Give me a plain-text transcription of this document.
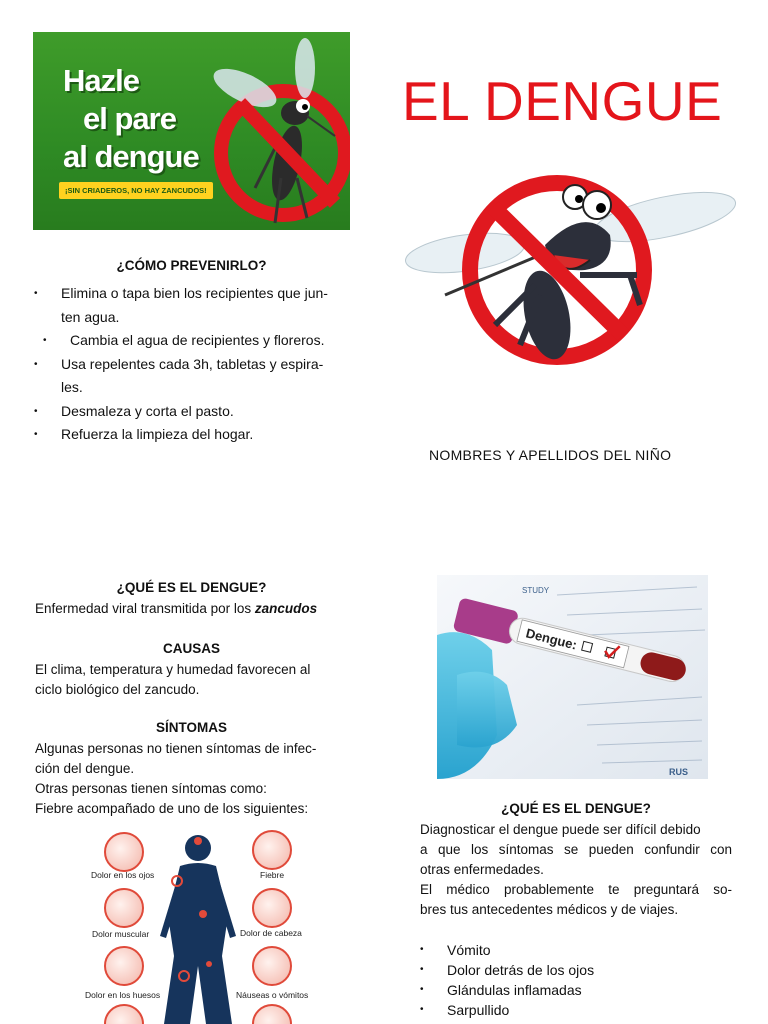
Hazle
el pare
al dengue
¡SIN CRIADEROS, NO HAY ZANCUDOS!
EL DENGUE
¿CÓMO PREVENIRLO?
• Elimina o tapa bien los recipientes que jun-
ten agua.
• Cambia el agua de recipientes y floreros.
• Usa repelentes cada 3h, tabletas y espira-
les.
• Desmaleza y corta el pasto.
• Refuerza la limpieza del hogar.
NOMBRES Y APELLIDOS DEL NIÑO
¿QUÉ ES EL DENGUE?
Enfermedad viral transmitida por los zancudos
CAUSAS
El clima, temperatura y humedad favorecen al
ciclo biológico del zancudo.
SÍNTOMAS
Algunas personas no tienen síntomas de infec-
ción del dengue.
Otras personas tienen síntomas como:
Fiebre acompañado de uno de los siguientes:
Dolor en los ojos	Fiebre
Dolor muscular	Dolor de cabeza
Dolor en los huesos	Náuseas o vómitos
STUDY
RUS
Dengue:
¿QUÉ ES EL DENGUE?
Diagnosticar el dengue puede ser difícil debido
a que los síntomas se pueden confundir con
otras enfermedades.
El médico probablemente te preguntará so-
bres tus antecedentes médicos y de viajes.
• Vómito
• Dolor detrás de los ojos
• Glándulas inflamadas
• Sarpullido
